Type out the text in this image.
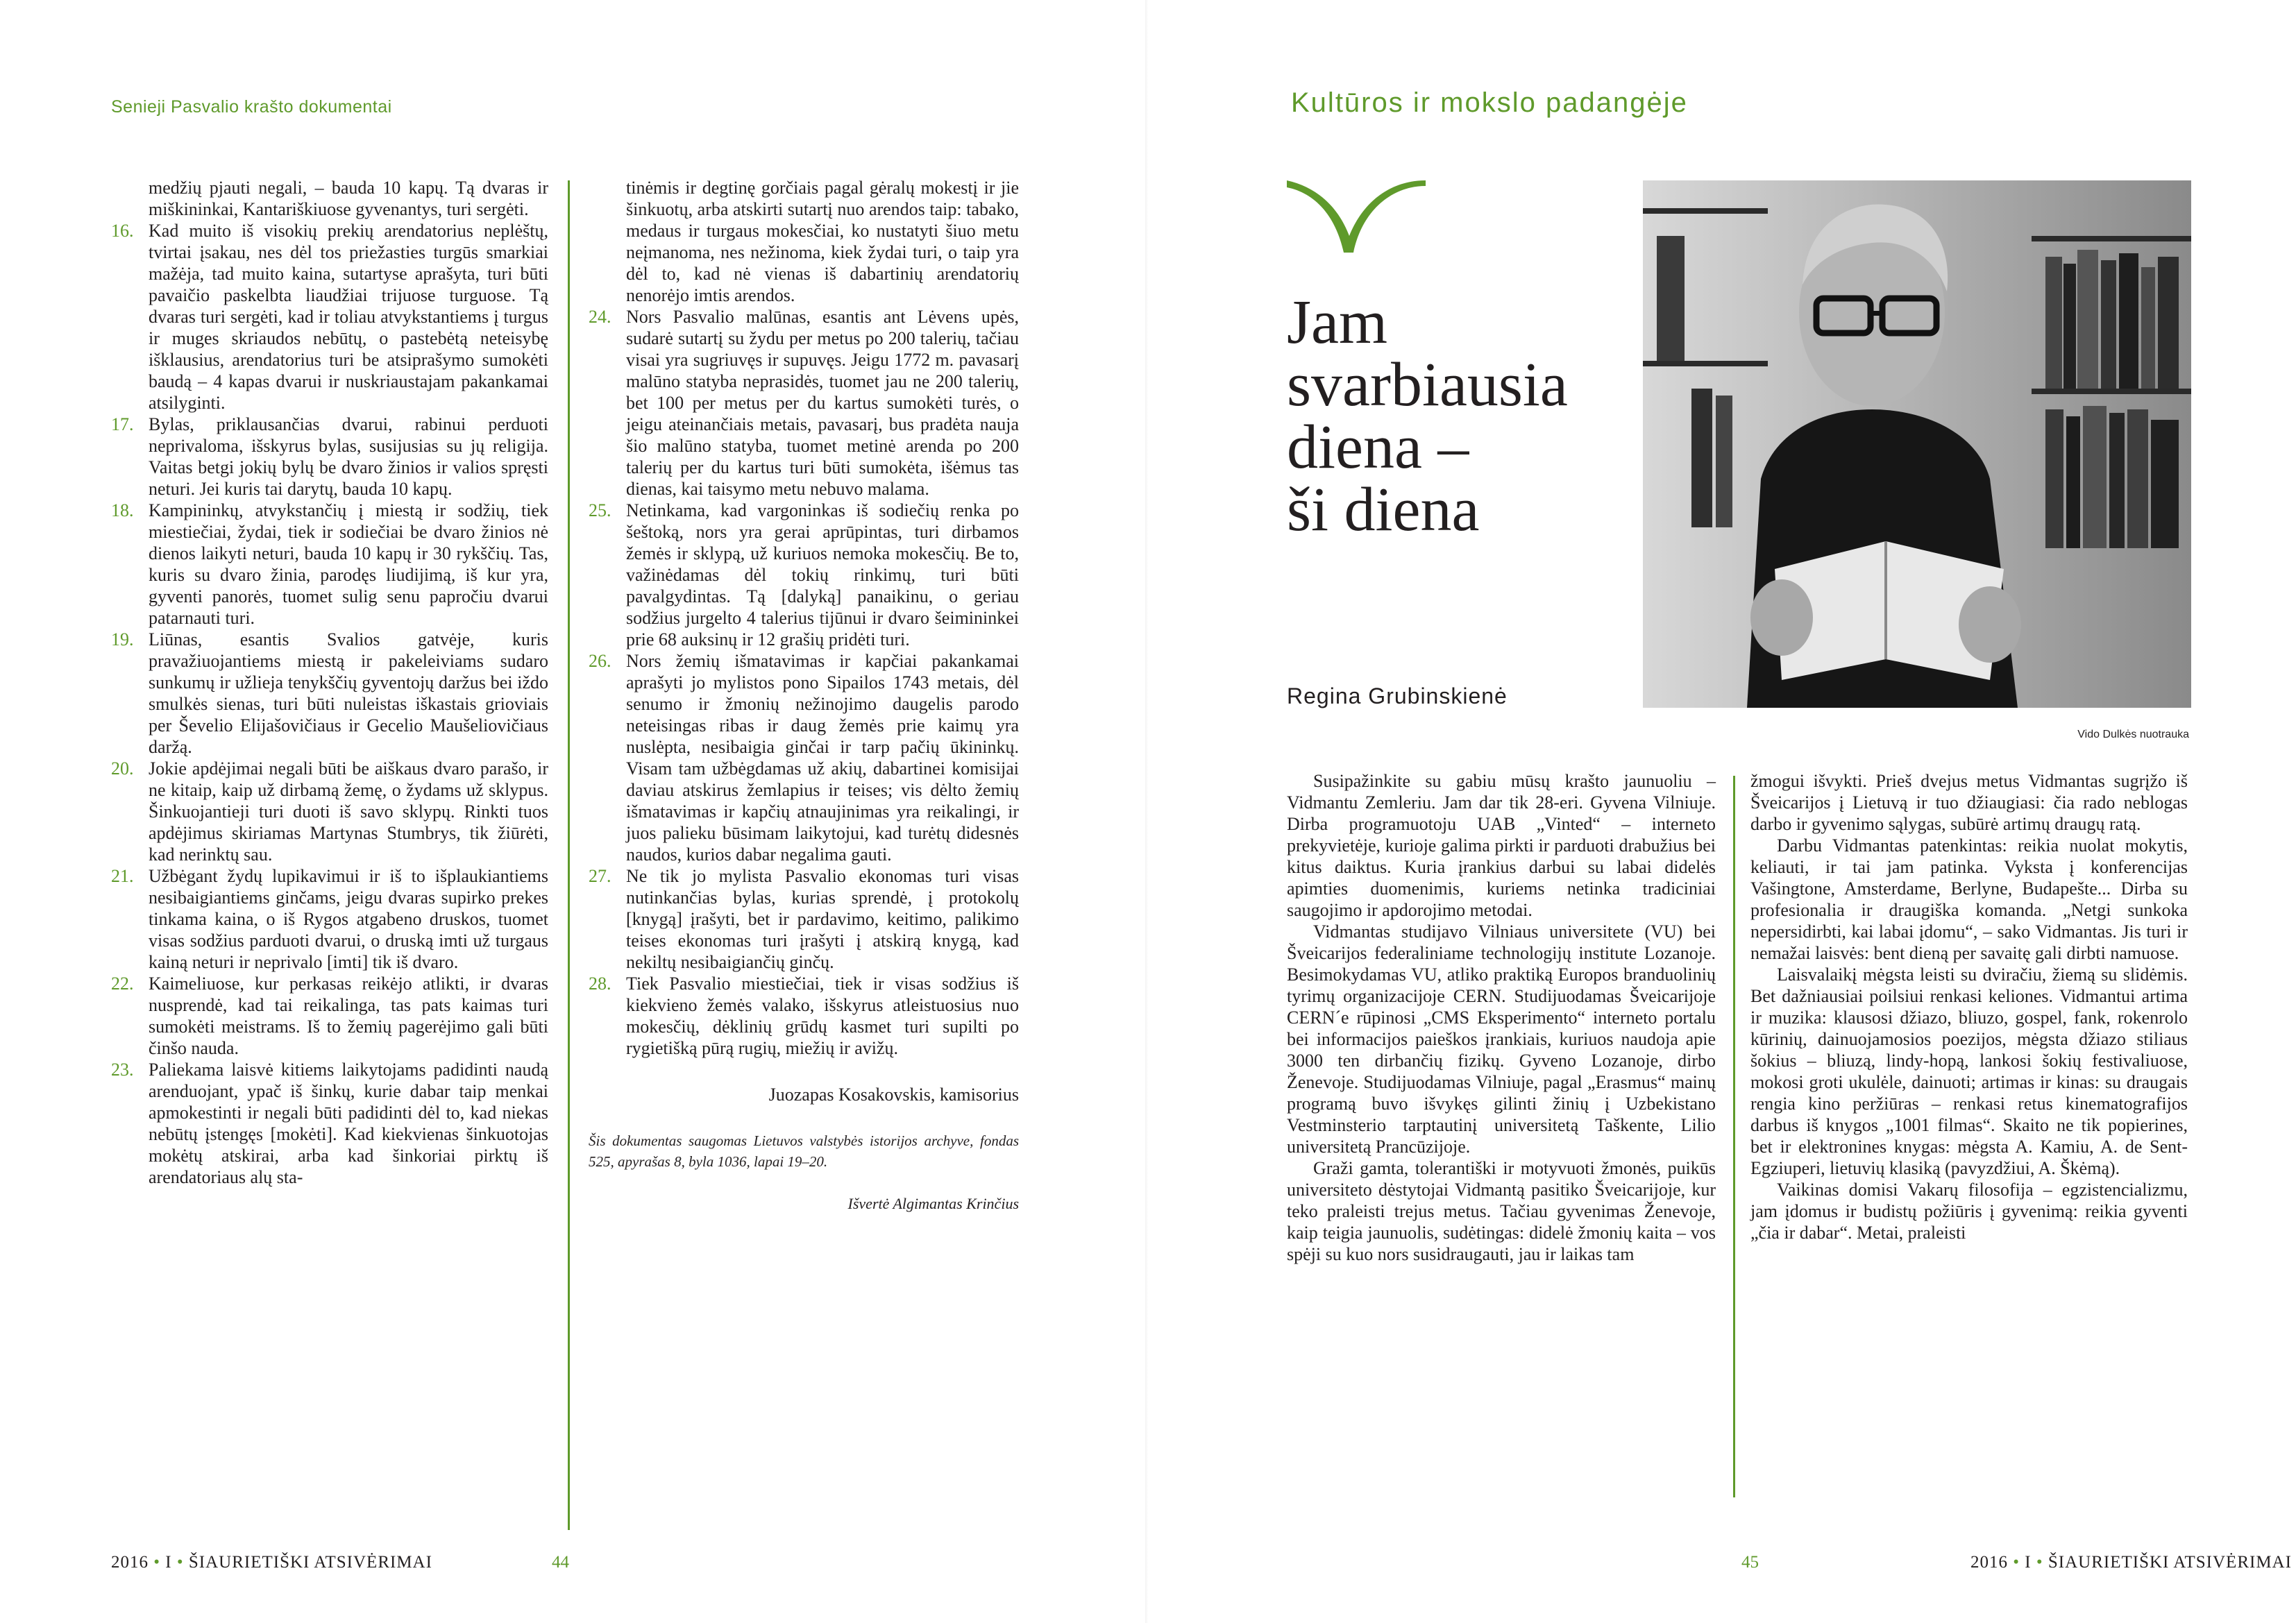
Senieji Pasvalio krašto dokumentai

medžių pjauti negali, – bauda 10 kapų. Tą dvaras ir miškininkai, Kantariškiuose gyvenantys, turi sergėti.

16. Kad muito iš visokių prekių arendatorius neplėštų, tvirtai įsakau, nes dėl tos priežasties turgūs smarkiai mažėja, tad muito kaina, sutartyse aprašyta, turi būti pavaičio paskelbta liaudžiai trijuose turguose. Tą dvaras turi sergėti, kad ir toliau atvykstantiems į turgus ir muges skriaudos nebūtų, o pastebėtą neteisybę išklausius, arendatorius turi be atsiprašymo sumokėti baudą – 4 kapas dvarui ir nuskriaustajam pakankamai atsilyginti.

17. Bylas, priklausančias dvarui, rabinui perduoti neprivaloma, išskyrus bylas, susijusias su jų religija. Vaitas betgi jokių bylų be dvaro žinios ir valios spręsti neturi. Jei kuris tai darytų, bauda 10 kapų.

18. Kampininkų, atvykstančių į miestą ir sodžių, tiek miestiečiai, žydai, tiek ir sodiečiai be dvaro žinios nė dienos laikyti neturi, bauda 10 kapų ir 30 rykščių. Tas, kuris su dvaro žinia, parodęs liudijimą, iš kur yra, gyventi panorės, tuomet sulig senu papročiu dvarui patarnauti turi.

19. Liūnas, esantis Svalios gatvėje, kuris pravažiuojantiems miestą ir pakeleiviams sudaro sunkumų ir užlieja tenykščių gyventojų daržus bei iždo smulkės sienas, turi būti nuleistas iškastais grioviais per Ševelio Elijašovičiaus ir Gecelio Maušeliovičiaus daržą.

20. Jokie apdėjimai negali būti be aiškaus dvaro parašo, ir ne kitaip, kaip už dirbamą žemę, o žydams už sklypus. Šinkuojantieji turi duoti iš savo sklypų. Rinkti tuos apdėjimus skiriamas Martynas Stumbrys, tik žiūrėti, kad nerinktų sau.

21. Užbėgant žydų lupikavimui ir iš to išplaukiantiems nesibaigiantiems ginčams, jeigu dvaras supirko prekes tinkama kaina, o iš Rygos atgabeno druskos, tuomet visas sodžius parduoti dvarui, o druską imti už turgaus kainą neturi ir neprivalo [imti] tik iš dvaro.

22. Kaimeliuose, kur perkasas reikėjo atlikti, ir dvaras nusprendė, kad tai reikalinga, tas pats kaimas turi sumokėti meistrams. Iš to žemių pagerėjimo gali būti činšo nauda.

23. Paliekama laisvė kitiems laikytojams padidinti naudą arenduojant, ypač iš šinkų, kurie dabar taip menkai apmokestinti ir negali būti padidinti dėl to, kad niekas nebūtų įstengęs [mokėti]. Kad kiekvienas šinkuotojas mokėtų atskirai, arba kad šinkoriai pirktų iš arendatoriaus alų sta-

tinėmis ir degtinę gorčiais pagal gėralų mokestį ir jie šinkuotų, arba atskirti sutartį nuo arendos taip: tabako, medaus ir turgaus mokesčiai, ko nustatyti šiuo metu neįmanoma, nes nežinoma, kiek žydai turi, o taip yra dėl to, kad nė vienas iš dabartinių arendatorių nenorėjo imtis arendos.

24. Nors Pasvalio malūnas, esantis ant Lėvens upės, sudarė sutartį su žydu per metus po 200 talerių, tačiau visai yra sugriuvęs ir supuvęs. Jeigu 1772 m. pavasarį malūno statyba neprasidės, tuomet jau ne 200 talerių, bet 100 per metus per du kartus sumokėti turės, o jeigu ateinančiais metais, pavasarį, bus pradėta nauja šio malūno statyba, tuomet metinė arenda po 200 talerių per du kartus turi būti sumokėta, išėmus tas dienas, kai taisymo metu nebuvo malama.

25. Netinkama, kad vargoninkas iš sodiečių renka po šeštoką, nors yra gerai aprūpintas, turi dirbamos žemės ir sklypą, už kuriuos nemoka mokesčių. Be to, važinėdamas dėl tokių rinkimų, turi būti pavalgydintas. Tą [dalyką] panaikinu, o geriau sodžius jurgelto 4 talerius tijūnui ir dvaro šeimininkei prie 68 auksinų ir 12 grašių pridėti turi.

26. Nors žemių išmatavimas ir kapčiai pakankamai aprašyti jo mylistos pono Sipailos 1743 metais, dėl senumo ir žmonių nežinojimo daugelis parodo neteisingas ribas ir daug žemės prie kaimų yra nuslėpta, nesibaigia ginčai ir tarp pačių ūkininkų. Visam tam užbėgdamas už akių, dabartinei komisijai daviau atskirus žemlapius ir teises; vis dėlto žemių išmatavimas ir kapčių atnaujinimas yra reikalingi, ir juos palieku būsimam laikytojui, kad turėtų didesnės naudos, kurios dabar negalima gauti.

27. Ne tik jo mylista Pasvalio ekonomas turi visas nutinkančias bylas, kurias sprendė, į protokolų [knygą] įrašyti, bet ir pardavimo, keitimo, palikimo teises ekonomas turi įrašyti į atskirą knygą, kad nekiltų nesibaigiančių ginčų.

28. Tiek Pasvalio miestiečiai, tiek ir visas sodžius iš kiekvieno žemės valako, išskyrus atleistuosius nuo mokesčių, dėklinių grūdų kasmet turi supilti po rygietišką pūrą rugių, miežių ir avižų.

Juozapas Kosakovskis, kamisorius
Šis dokumentas saugomas Lietuvos valstybės istorijos archyve, fondas 525, apyrašas 8, byla 1036, lapai 19–20.
Išvertė Algimantas Krinčius
2016 • I • ŠIAURIETIŠKI ATSIVĖRIMAI	44
Kultūros ir mokslo padangėje
Jam
svarbiausia
diena –
ši diena
Regina Grubinskienė
Vido Dulkės nuotrauka

Susipažinkite su gabiu mūsų krašto jaunuoliu – Vidmantu Zemleriu. Jam dar tik 28-eri. Gyvena Vilniuje. Dirba programuotoju UAB „Vinted“ – interneto prekyvietėje, kurioje galima pirkti ir parduoti drabužius bei kitus daiktus. Kuria įrankius darbui su labai didelės apimties duomenimis, kuriems netinka tradiciniai saugojimo ir apdorojimo metodai.

Vidmantas studijavo Vilniaus universitete (VU) bei Šveicarijos federaliniame technologijų institute Lozanoje. Besimokydamas VU, atliko praktiką Europos branduolinių tyrimų organizacijoje CERN. Studijuodamas Šveicarijoje CERN´e rūpinosi „CMS Eksperimento“ interneto portalu bei informacijos paieškos įrankiais, kuriuos naudoja apie 3000 ten dirbančių fizikų. Gyveno Lozanoje, dirbo Ženevoje. Studijuodamas Vilniuje, pagal „Erasmus“ mainų programą buvo išvykęs gilinti žinių į Uzbekistano Vestminsterio tarptautinį universitetą Taškente, Lilio universitetą Prancūzijoje.

Graži gamta, tolerantiški ir motyvuoti žmonės, puikūs universiteto dėstytojai Vidmantą pasitiko Šveicarijoje, kur teko praleisti trejus metus. Tačiau gyvenimas Ženevoje, kaip teigia jaunuolis, sudėtingas: didelė žmonių kaita – vos spėji su kuo nors susidraugauti, jau ir laikas tam

žmogui išvykti. Prieš dvejus metus Vidmantas sugrįžo iš Šveicarijos į Lietuvą ir tuo džiaugiasi: čia rado neblogas darbo ir gyvenimo sąlygas, subūrė artimų draugų ratą.

Darbu Vidmantas patenkintas: reikia nuolat mokytis, keliauti, ir tai jam patinka. Vyksta į konferencijas Vašingtone, Amsterdame, Berlyne, Budapešte... Dirba su profesionalia ir draugiška komanda. „Netgi sunkoka nepersidirbti, kai labai įdomu“, – sako Vidmantas. Jis turi ir nemažai laisvės: bent dieną per savaitę gali dirbti namuose.

Laisvalaikį mėgsta leisti su dviračiu, žiemą su slidėmis. Bet dažniausiai poilsiui renkasi keliones. Vidmantui artima ir muzika: klausosi džiazo, bliuzo, gospel, fank, rokenrolo kūrinių, dainuojamosios poezijos, mėgsta džiazo stiliaus šokius – bliuzą, lindy-hopą, lankosi šokių festivaliuose, mokosi groti ukulėle, dainuoti; artimas ir kinas: su draugais rengia kino peržiūras – renkasi retus kinematografijos darbus iš knygos „1001 filmas“. Skaito ne tik popierines, bet ir elektronines knygas: mėgsta A. Kamiu, A. de Sent-Egziuperi, lietuvių klasiką (pavyzdžiui, A. Škėmą).

Vaikinas domisi Vakarų filosofija – egzistencializmu, jam įdomus ir budistų požiūris į gyvenimą: reikia gyventi „čia ir dabar“. Metai, praleisti

45	2016 • I • ŠIAURIETIŠKI ATSIVĖRIMAI
